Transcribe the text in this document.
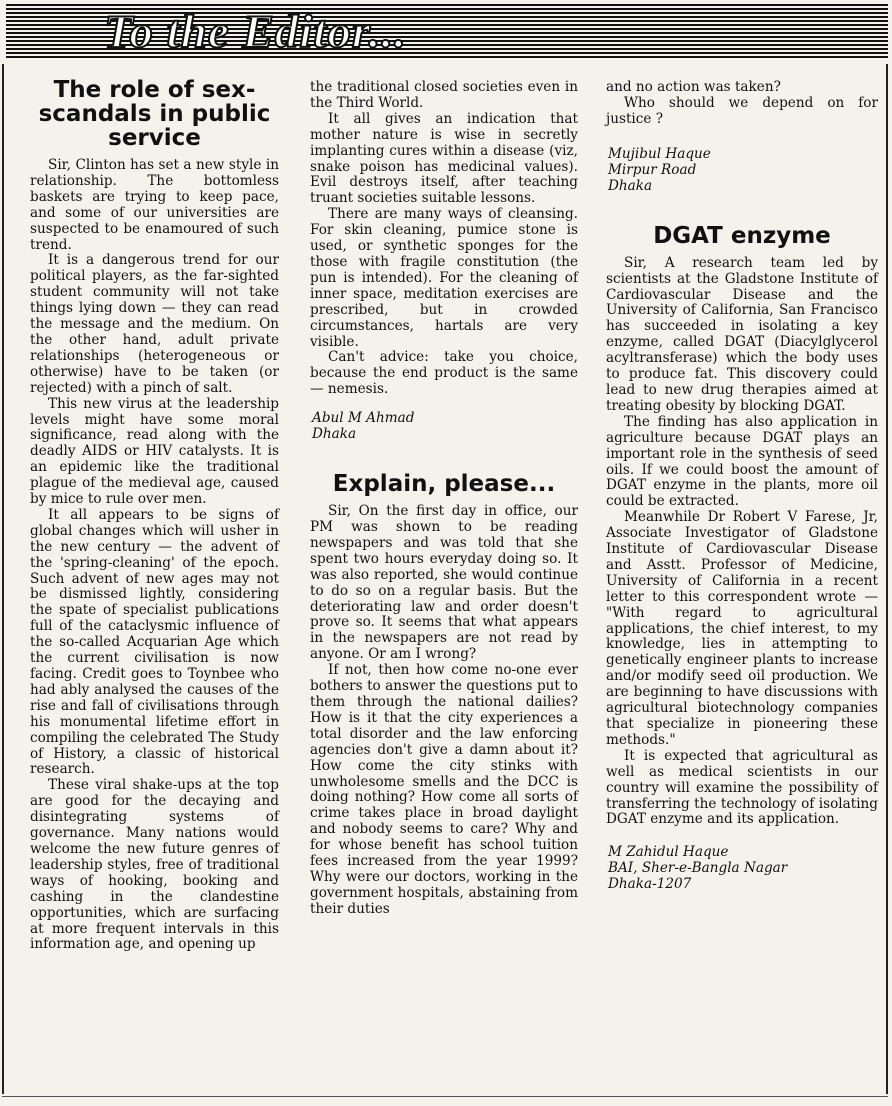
To the Editor...
The role of sex-scandals in public service

Sir, Clinton has set a new style in relationship. The bottomless baskets are trying to keep pace, and some of our universities are suspected to be enamoured of such trend.

It is a dangerous trend for our political players, as the far-sighted student community will not take things lying down — they can read the message and the medium. On the other hand, adult private relationships (heterogeneous or otherwise) have to be taken (or rejected) with a pinch of salt.

This new virus at the leadership levels might have some moral significance, read along with the deadly AIDS or HIV catalysts. It is an epidemic like the traditional plague of the medieval age, caused by mice to rule over men.

It all appears to be signs of global changes which will usher in the new century — the advent of the 'spring-cleaning' of the epoch. Such advent of new ages may not be dismissed lightly, considering the spate of specialist publications full of the cataclysmic influence of the so-called Acquarian Age which the current civilisation is now facing. Credit goes to Toynbee who had ably analysed the causes of the rise and fall of civilisations through his monumental lifetime effort in compiling the celebrated The Study of History, a classic of historical research.

These viral shake-ups at the top are good for the decaying and disintegrating systems of governance. Many nations would welcome the new future genres of leadership styles, free of traditional ways of hooking, booking and cashing in the clandestine opportunities, which are surfacing at more frequent intervals in this information age, and opening up

the traditional closed societies even in the Third World.

It all gives an indication that mother nature is wise in secretly implanting cures within a disease (viz, snake poison has medicinal values). Evil destroys itself, after teaching truant societies suitable lessons.

There are many ways of cleansing. For skin cleaning, pumice stone is used, or synthetic sponges for the those with fragile constitution (the pun is intended). For the cleaning of inner space, meditation exercises are prescribed, but in crowded circumstances, hartals are very visible.

Can't advice: take you choice, because the end product is the same — nemesis.

Abul M Ahmad
Dhaka
Explain, please...

Sir, On the first day in office, our PM was shown to be reading newspapers and was told that she spent two hours everyday doing so. It was also reported, she would continue to do so on a regular basis. But the deteriorating law and order doesn't prove so. It seems that what appears in the newspapers are not read by anyone. Or am I wrong?

If not, then how come no-one ever bothers to answer the questions put to them through the national dailies? How is it that the city experiences a total disorder and the law enforcing agencies don't give a damn about it? How come the city stinks with unwholesome smells and the DCC is doing nothing? How come all sorts of crime takes place in broad daylight and nobody seems to care? Why and for whose benefit has school tuition fees increased from the year 1999? Why were our doctors, working in the government hospitals, abstaining from their duties

and no action was taken?

Who should we depend on for justice ?

Mujibul Haque
Mirpur Road
Dhaka
DGAT enzyme

Sir, A research team led by scientists at the Gladstone Institute of Cardiovascular Disease and the University of California, San Francisco has succeeded in isolating a key enzyme, called DGAT (Diacylglycerol acyltransferase) which the body uses to produce fat. This discovery could lead to new drug therapies aimed at treating obesity by blocking DGAT.

The finding has also application in agriculture because DGAT plays an important role in the synthesis of seed oils. If we could boost the amount of DGAT enzyme in the plants, more oil could be extracted.

Meanwhile Dr Robert V Farese, Jr, Associate Investigator of Gladstone Institute of Cardiovascular Disease and Asstt. Professor of Medicine, University of California in a recent letter to this correspondent wrote — "With regard to agricultural applications, the chief interest, to my knowledge, lies in attempting to genetically engineer plants to increase and/or modify seed oil production. We are beginning to have discussions with agricultural biotechnology companies that specialize in pioneering these methods."

It is expected that agricultural as well as medical scientists in our country will examine the possibility of transferring the technology of isolating DGAT enzyme and its application.

M Zahidul Haque
BAI, Sher-e-Bangla Nagar
Dhaka-1207
